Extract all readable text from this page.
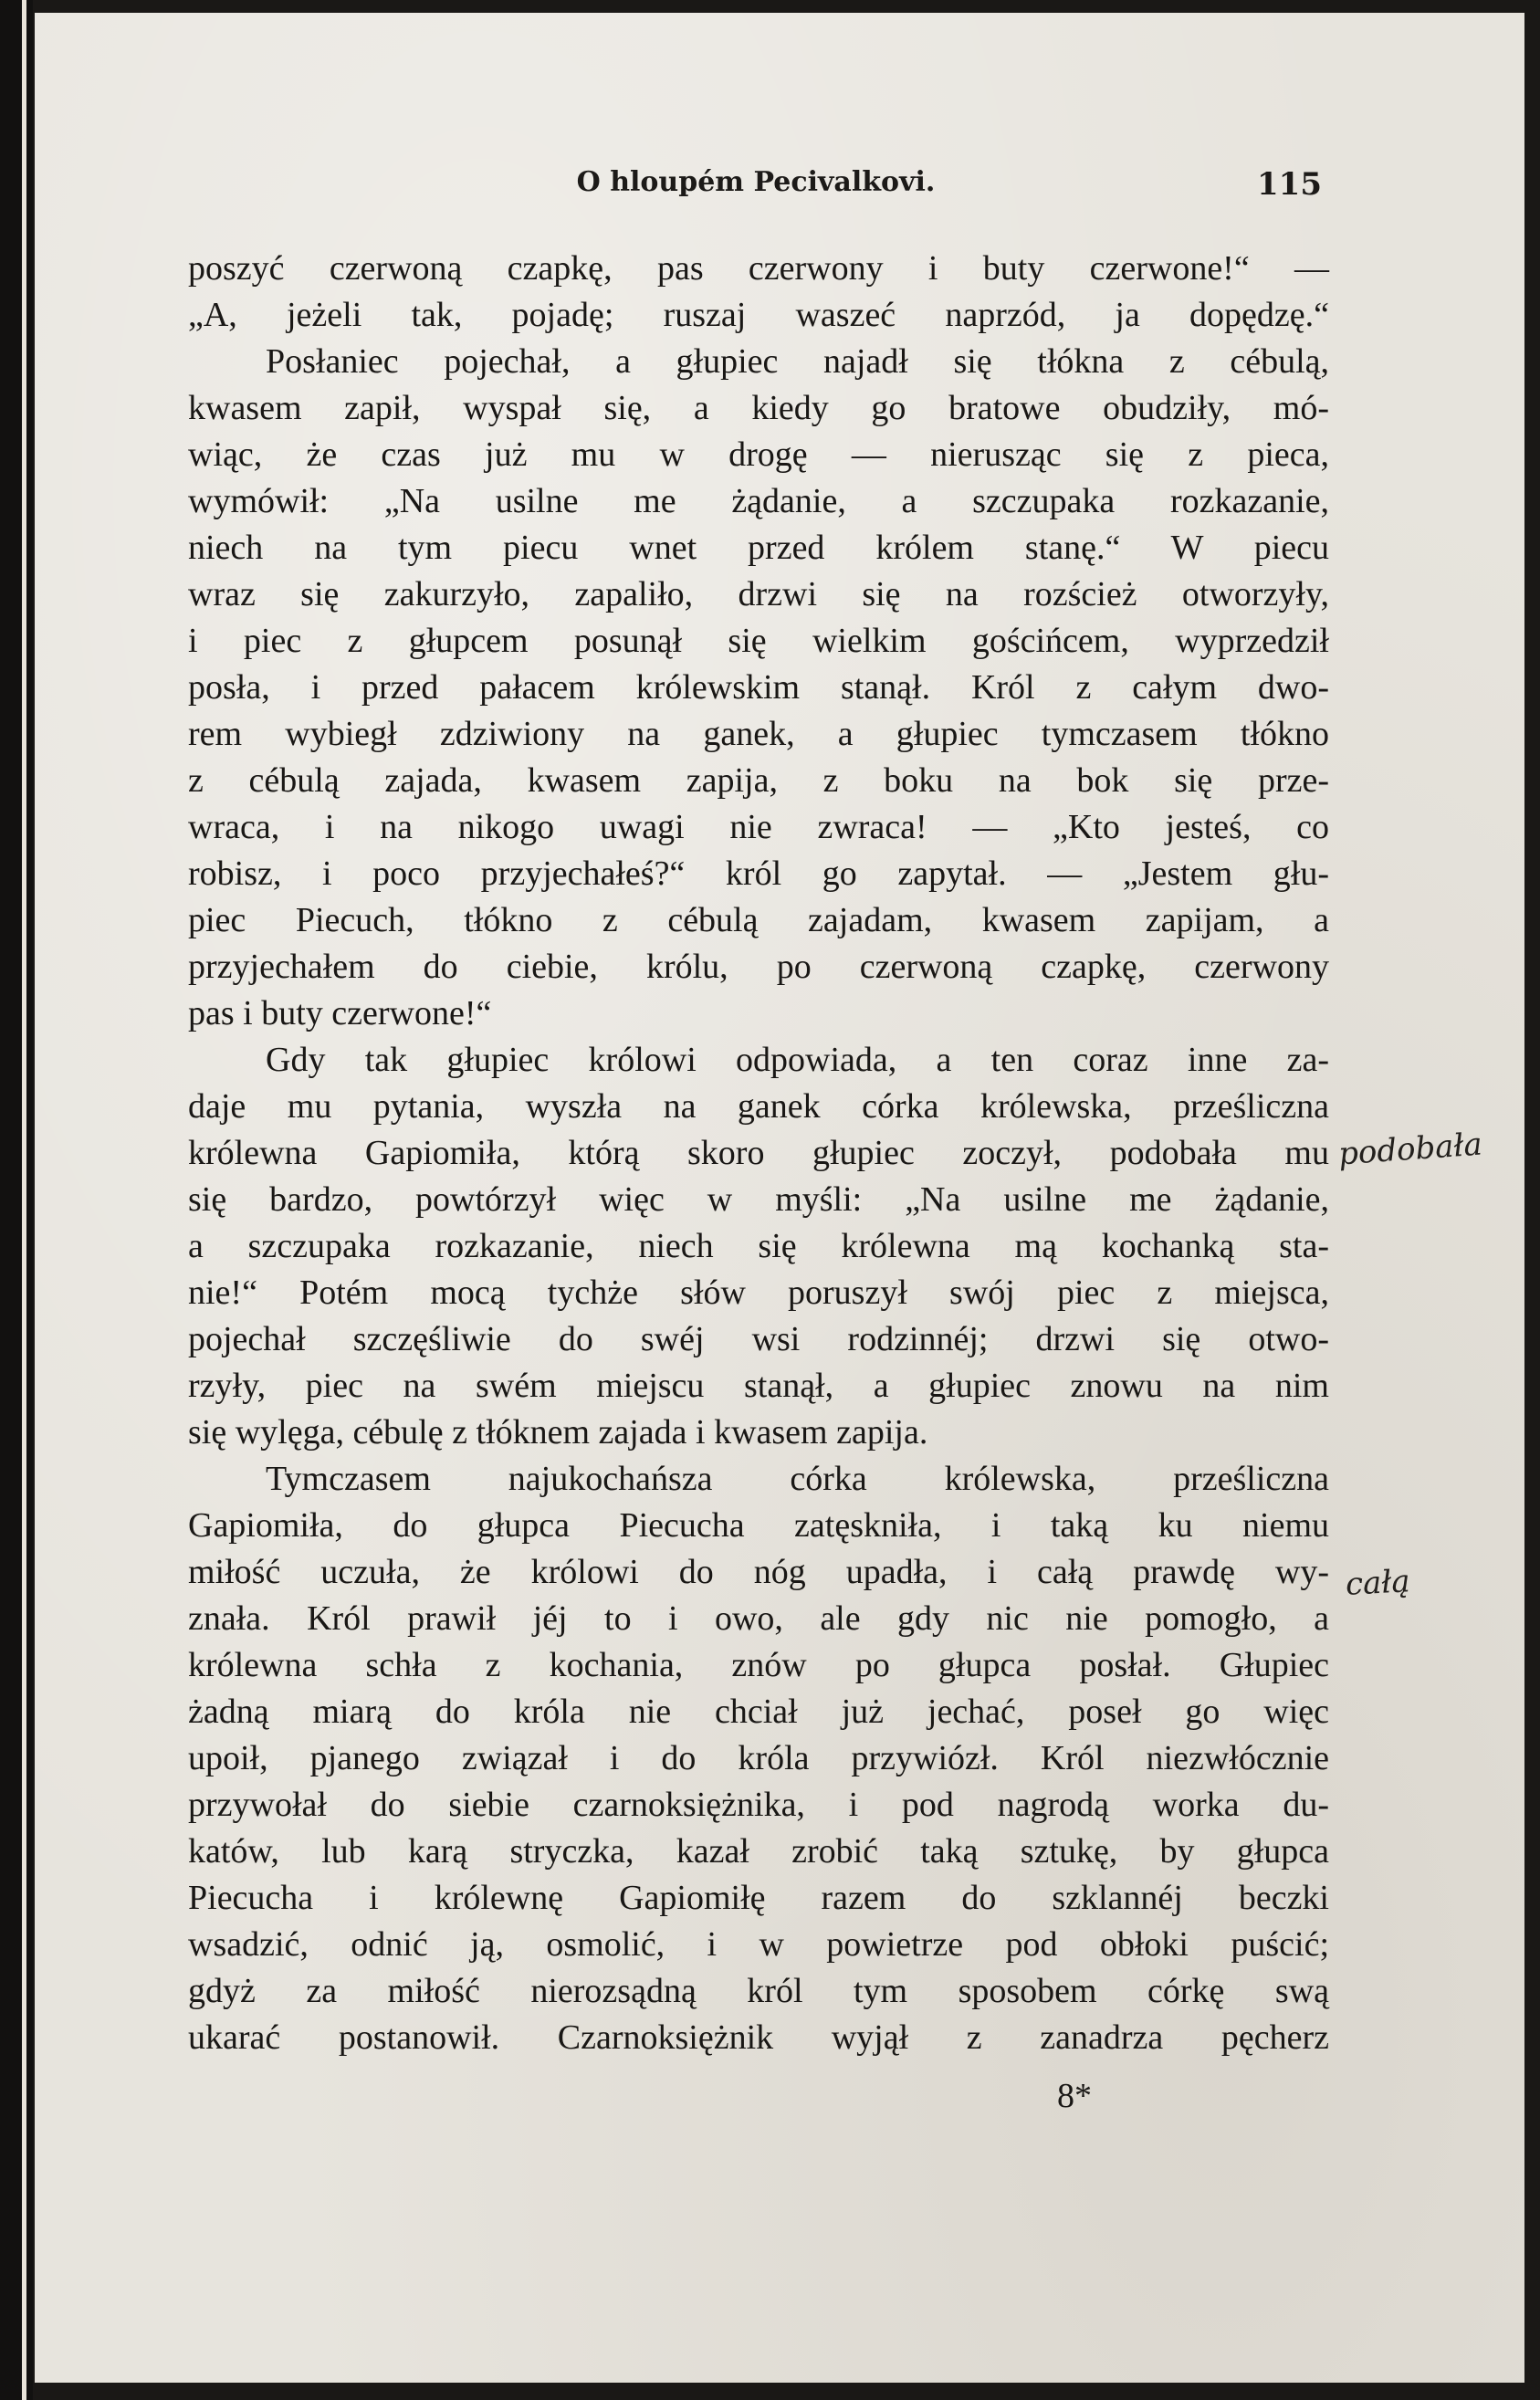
O hloupém Pecivalkovi.	115
poszyć czerwoną czapkę, pas czerwony i buty czerwone!“ —
„A, jeżeli tak, pojadę; ruszaj waszeć naprzód, ja dopędzę.“
Posłaniec pojechał, a głupiec najadł się tłókna z cébulą,
kwasem zapił, wyspał się, a kiedy go bratowe obudziły, mó-
wiąc, że czas już mu w drogę — nierusząc się z pieca,
wymówił: „Na usilne me żądanie, a szczupaka rozkazanie,
niech na tym piecu wnet przed królem stanę.“ W piecu
wraz się zakurzyło, zapaliło, drzwi się na rozścież otworzyły,
i piec z głupcem posunął się wielkim gościńcem, wyprzedził
posła, i przed pałacem królewskim stanął. Król z całym dwo-
rem wybiegł zdziwiony na ganek, a głupiec tymczasem tłókno
z cébulą zajada, kwasem zapija, z boku na bok się prze-
wraca, i na nikogo uwagi nie zwraca! — „Kto jesteś, co
robisz, i poco przyjechałeś?“ król go zapytał. — „Jestem głu-
piec Piecuch, tłókno z cébulą zajadam, kwasem zapijam, a
przyjechałem do ciebie, królu, po czerwoną czapkę, czerwony
pas i buty czerwone!“
Gdy tak głupiec królowi odpowiada, a ten coraz inne za-
daje mu pytania, wyszła na ganek córka królewska, prześliczna
królewna Gapiomiła, którą skoro głupiec zoczył, podobała mu
się bardzo, powtórzył więc w myśli: „Na usilne me żądanie,
a szczupaka rozkazanie, niech się królewna mą kochanką sta-
nie!“ Potém mocą tychże słów poruszył swój piec z miejsca,
pojechał szczęśliwie do swéj wsi rodzinnéj; drzwi się otwo-
rzyły, piec na swém miejscu stanął, a głupiec znowu na nim
się wylęga, cébulę z tłóknem zajada i kwasem zapija.
Tymczasem najukochańsza córka królewska, prześliczna
Gapiomiła, do głupca Piecucha zatęskniła, i taką ku niemu
miłość uczuła, że królowi do nóg upadła, i całą prawdę wy-
znała. Król prawił jéj to i owo, ale gdy nic nie pomogło, a
królewna schła z kochania, znów po głupca posłał. Głupiec
żadną miarą do króla nie chciał już jechać, poseł go więc
upoił, pjanego związał i do króla przywiózł. Król niezwłócznie
przywołał do siebie czarnoksiężnika, i pod nagrodą worka du-
katów, lub karą stryczka, kazał zrobić taką sztukę, by głupca
Piecucha i królewnę Gapiomiłę razem do szklannéj beczki
wsadzić, odnić ją, osmolić, i w powietrze pod obłoki puścić;
gdyż za miłość nierozsądną król tym sposobem córkę swą
ukarać postanowił. Czarnoksiężnik wyjął z zanadrza pęcherz
8*
podobała
całą
